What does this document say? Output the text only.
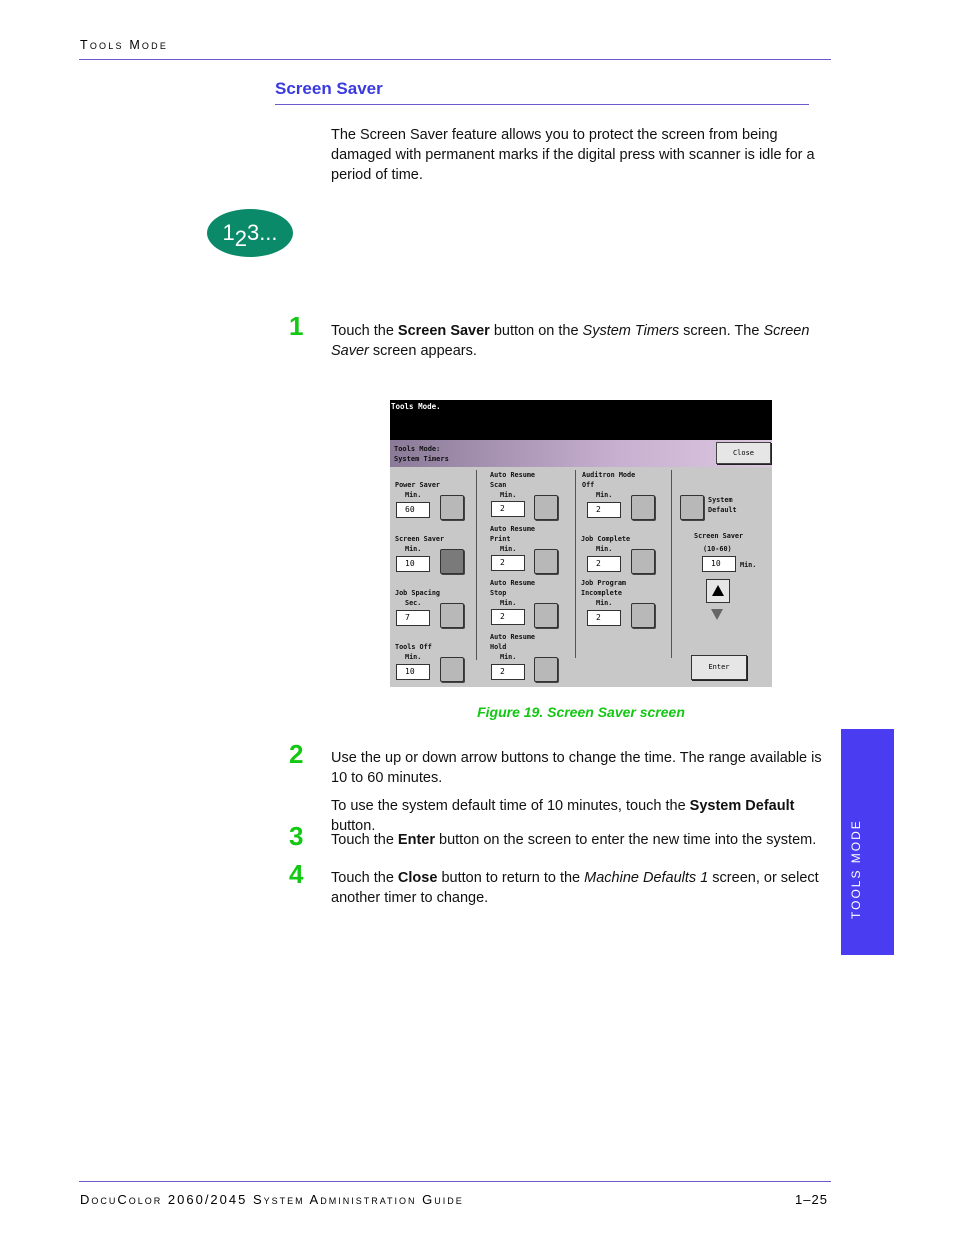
Tools Mode
Screen Saver
The Screen Saver feature allows you to protect the screen from being damaged with permanent marks if the digital press with scanner is idle for a period of time.
123...
1 Touch the Screen Saver button on the System Timers screen. The Screen Saver screen appears.
Tools Mode.
Tools Mode:
System Timers
Close
Power Saver
Min.
60
Screen Saver
Min.
10
Job Spacing
Sec.
7
Tools Off
Min.
10
Auto Resume
Scan
Min.
2
Auto Resume
Print
Min.
2
Auto Resume
Stop
Min.
2
Auto Resume
Hold
Min.
2
Auditron Mode
Off
Min.
2
Job Complete
Min.
2
Job Program
Incomplete
Min.
2
System
Default
Screen Saver
(10-60)
10	Min.
Enter
Figure 19. Screen Saver screen
2 Use the up or down arrow buttons to change the time. The range available is 10 to 60 minutes.
To use the system default time of 10 minutes, touch the System Default button.
3 Touch the Enter button on the screen to enter the new time into the system.
4 Touch the Close button to return to the Machine Defaults 1 screen, or select another timer to change.	TOOLS MODE
DocuColor 2060/2045 System Administration Guide	1–25
